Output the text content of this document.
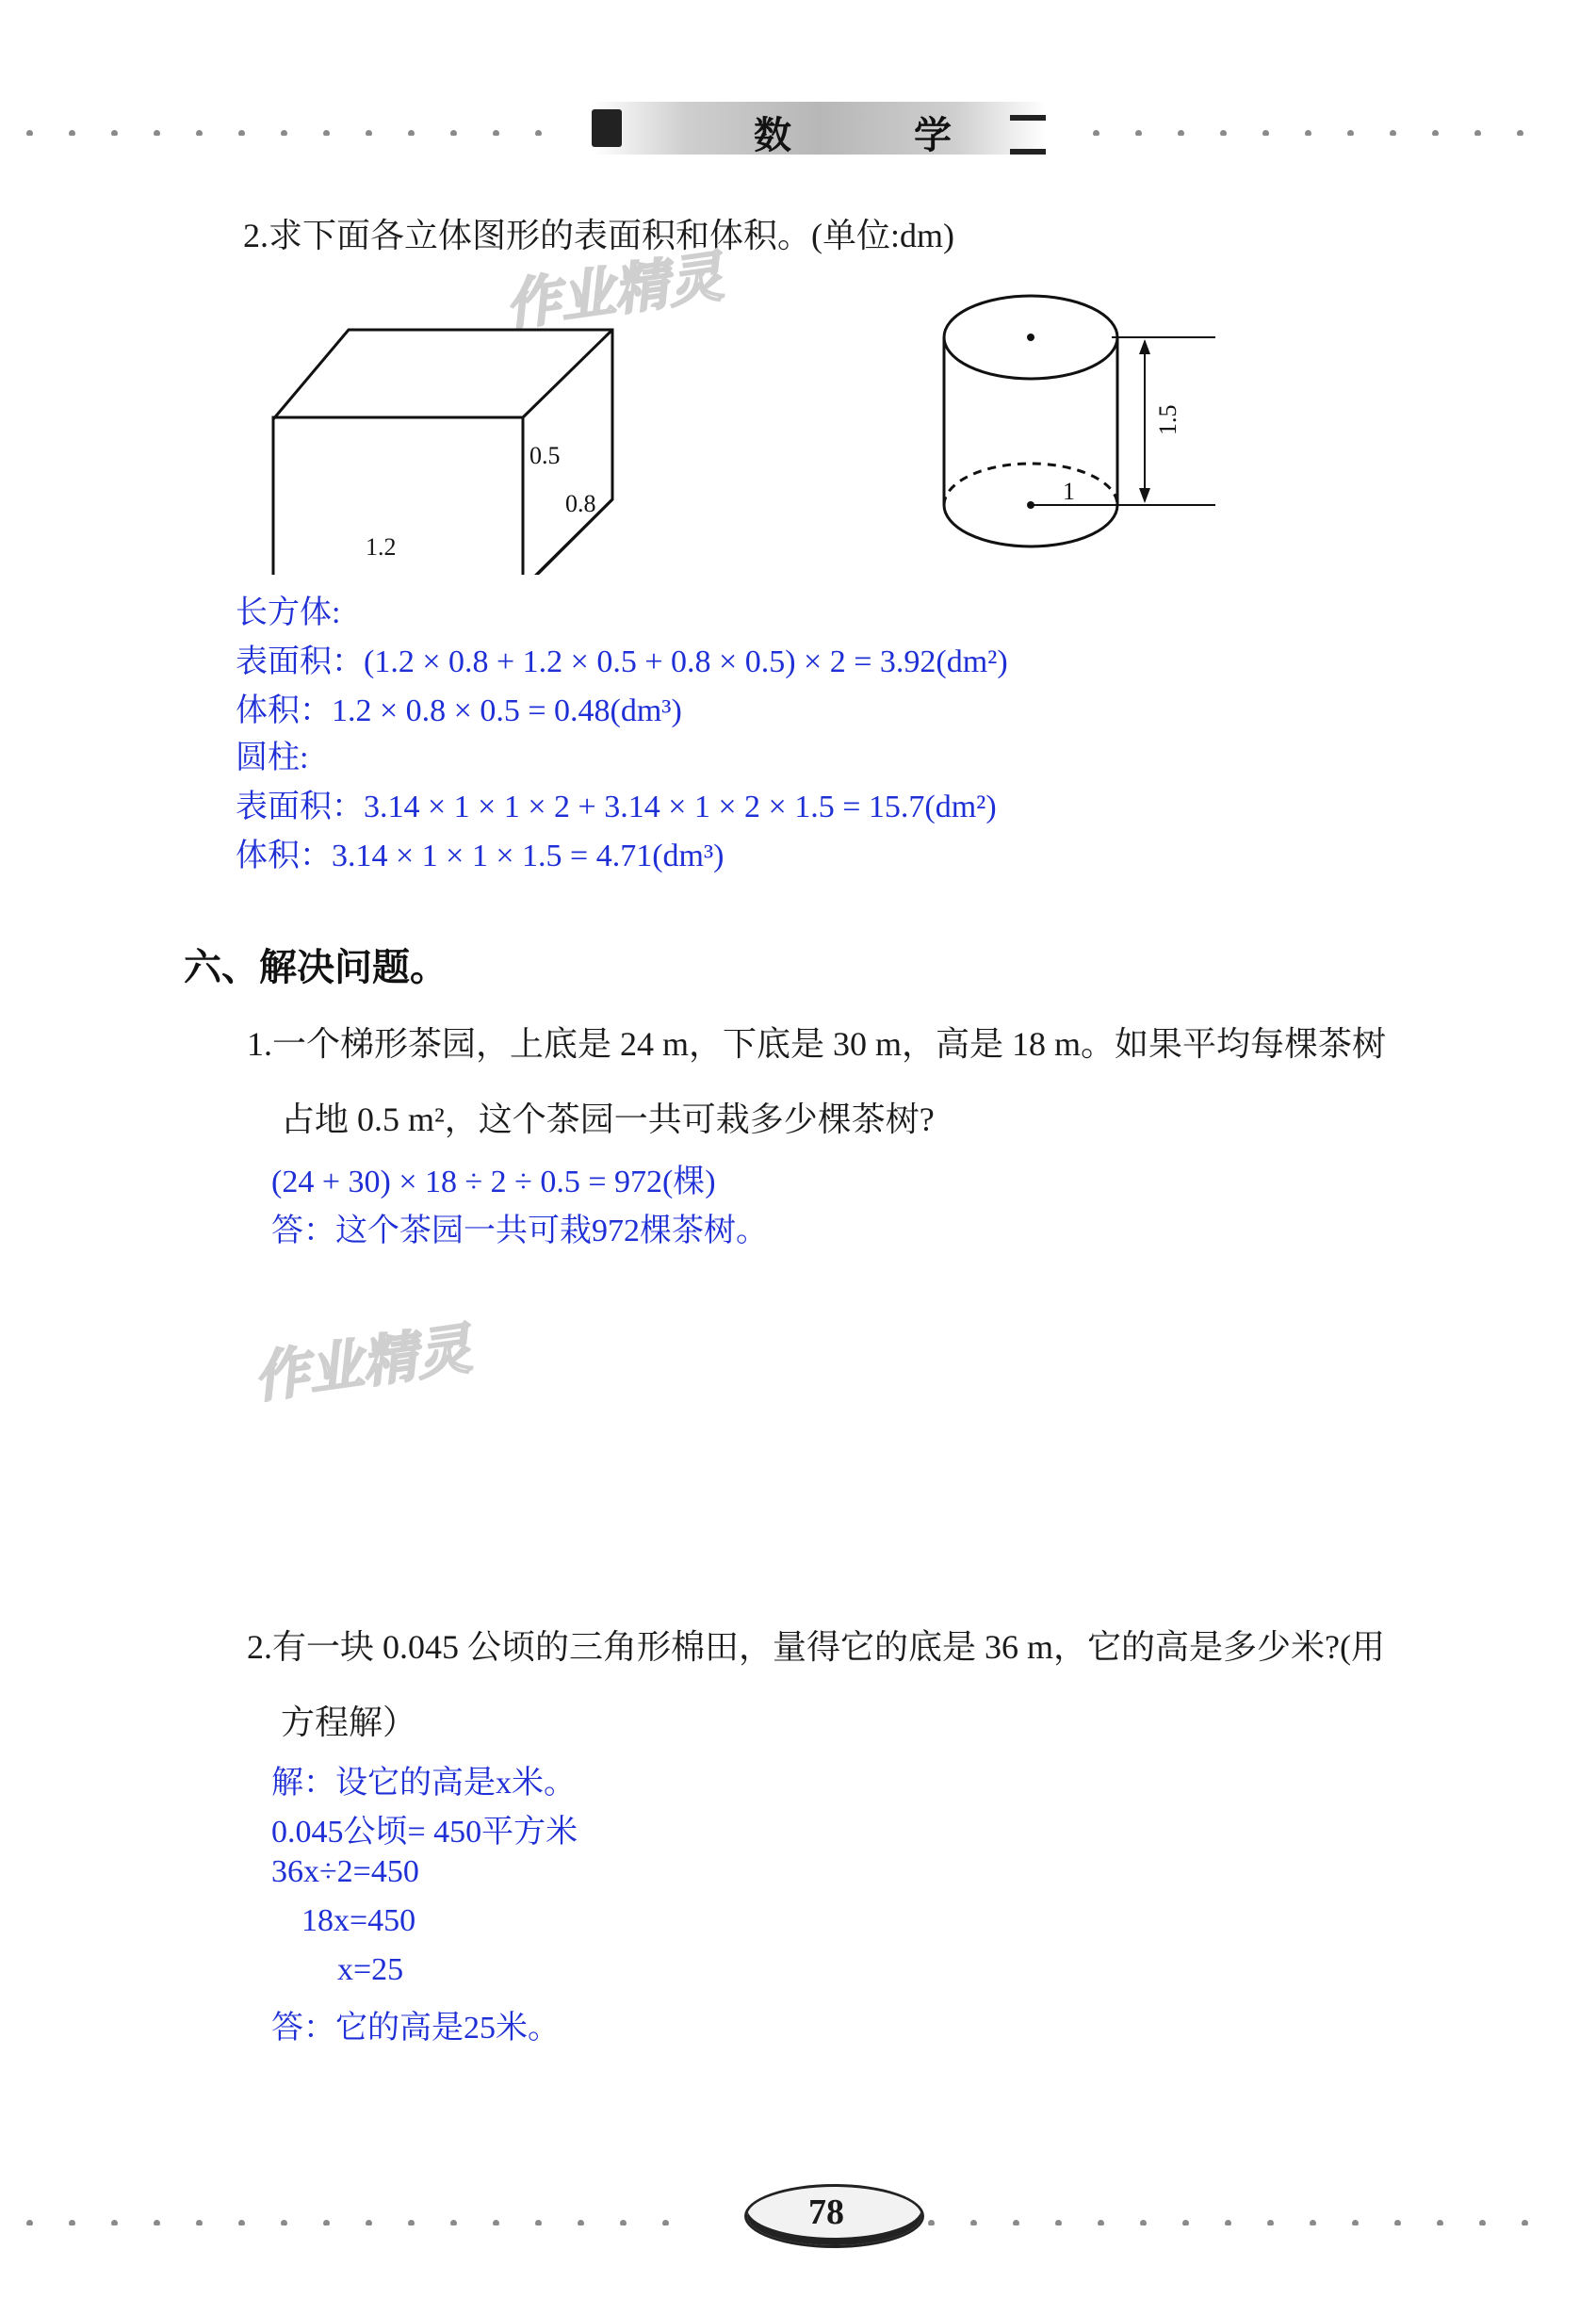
数 学
2.求下面各立体图形的表面积和体积。(单位:dm)
作业精灵
0.5
0.8
1.2
1
1.5
长方体:
表面积：(1.2 × 0.8 + 1.2 × 0.5 + 0.8 × 0.5) × 2 = 3.92(dm²)
体积：1.2 × 0.8 × 0.5 = 0.48(dm³)
圆柱:
表面积：3.14 × 1 × 1 × 2 + 3.14 × 1 × 2 × 1.5 = 15.7(dm²)
体积：3.14 × 1 × 1 × 1.5 = 4.71(dm³)
六、解决问题。
1.一个梯形茶园，上底是 24 m，下底是 30 m，高是 18 m。如果平均每棵茶树
占地 0.5 m²，这个茶园一共可栽多少棵茶树?
(24 + 30) × 18 ÷ 2 ÷ 0.5 = 972(棵)
答：这个茶园一共可栽972棵茶树。
作业精灵
2.有一块 0.045 公顷的三角形棉田，量得它的底是 36 m，它的高是多少米?(用
方程解）
解：设它的高是x米。
0.045公顷= 450平方米
36x÷2=450
18x=450
x=25
答：它的高是25米。
78
